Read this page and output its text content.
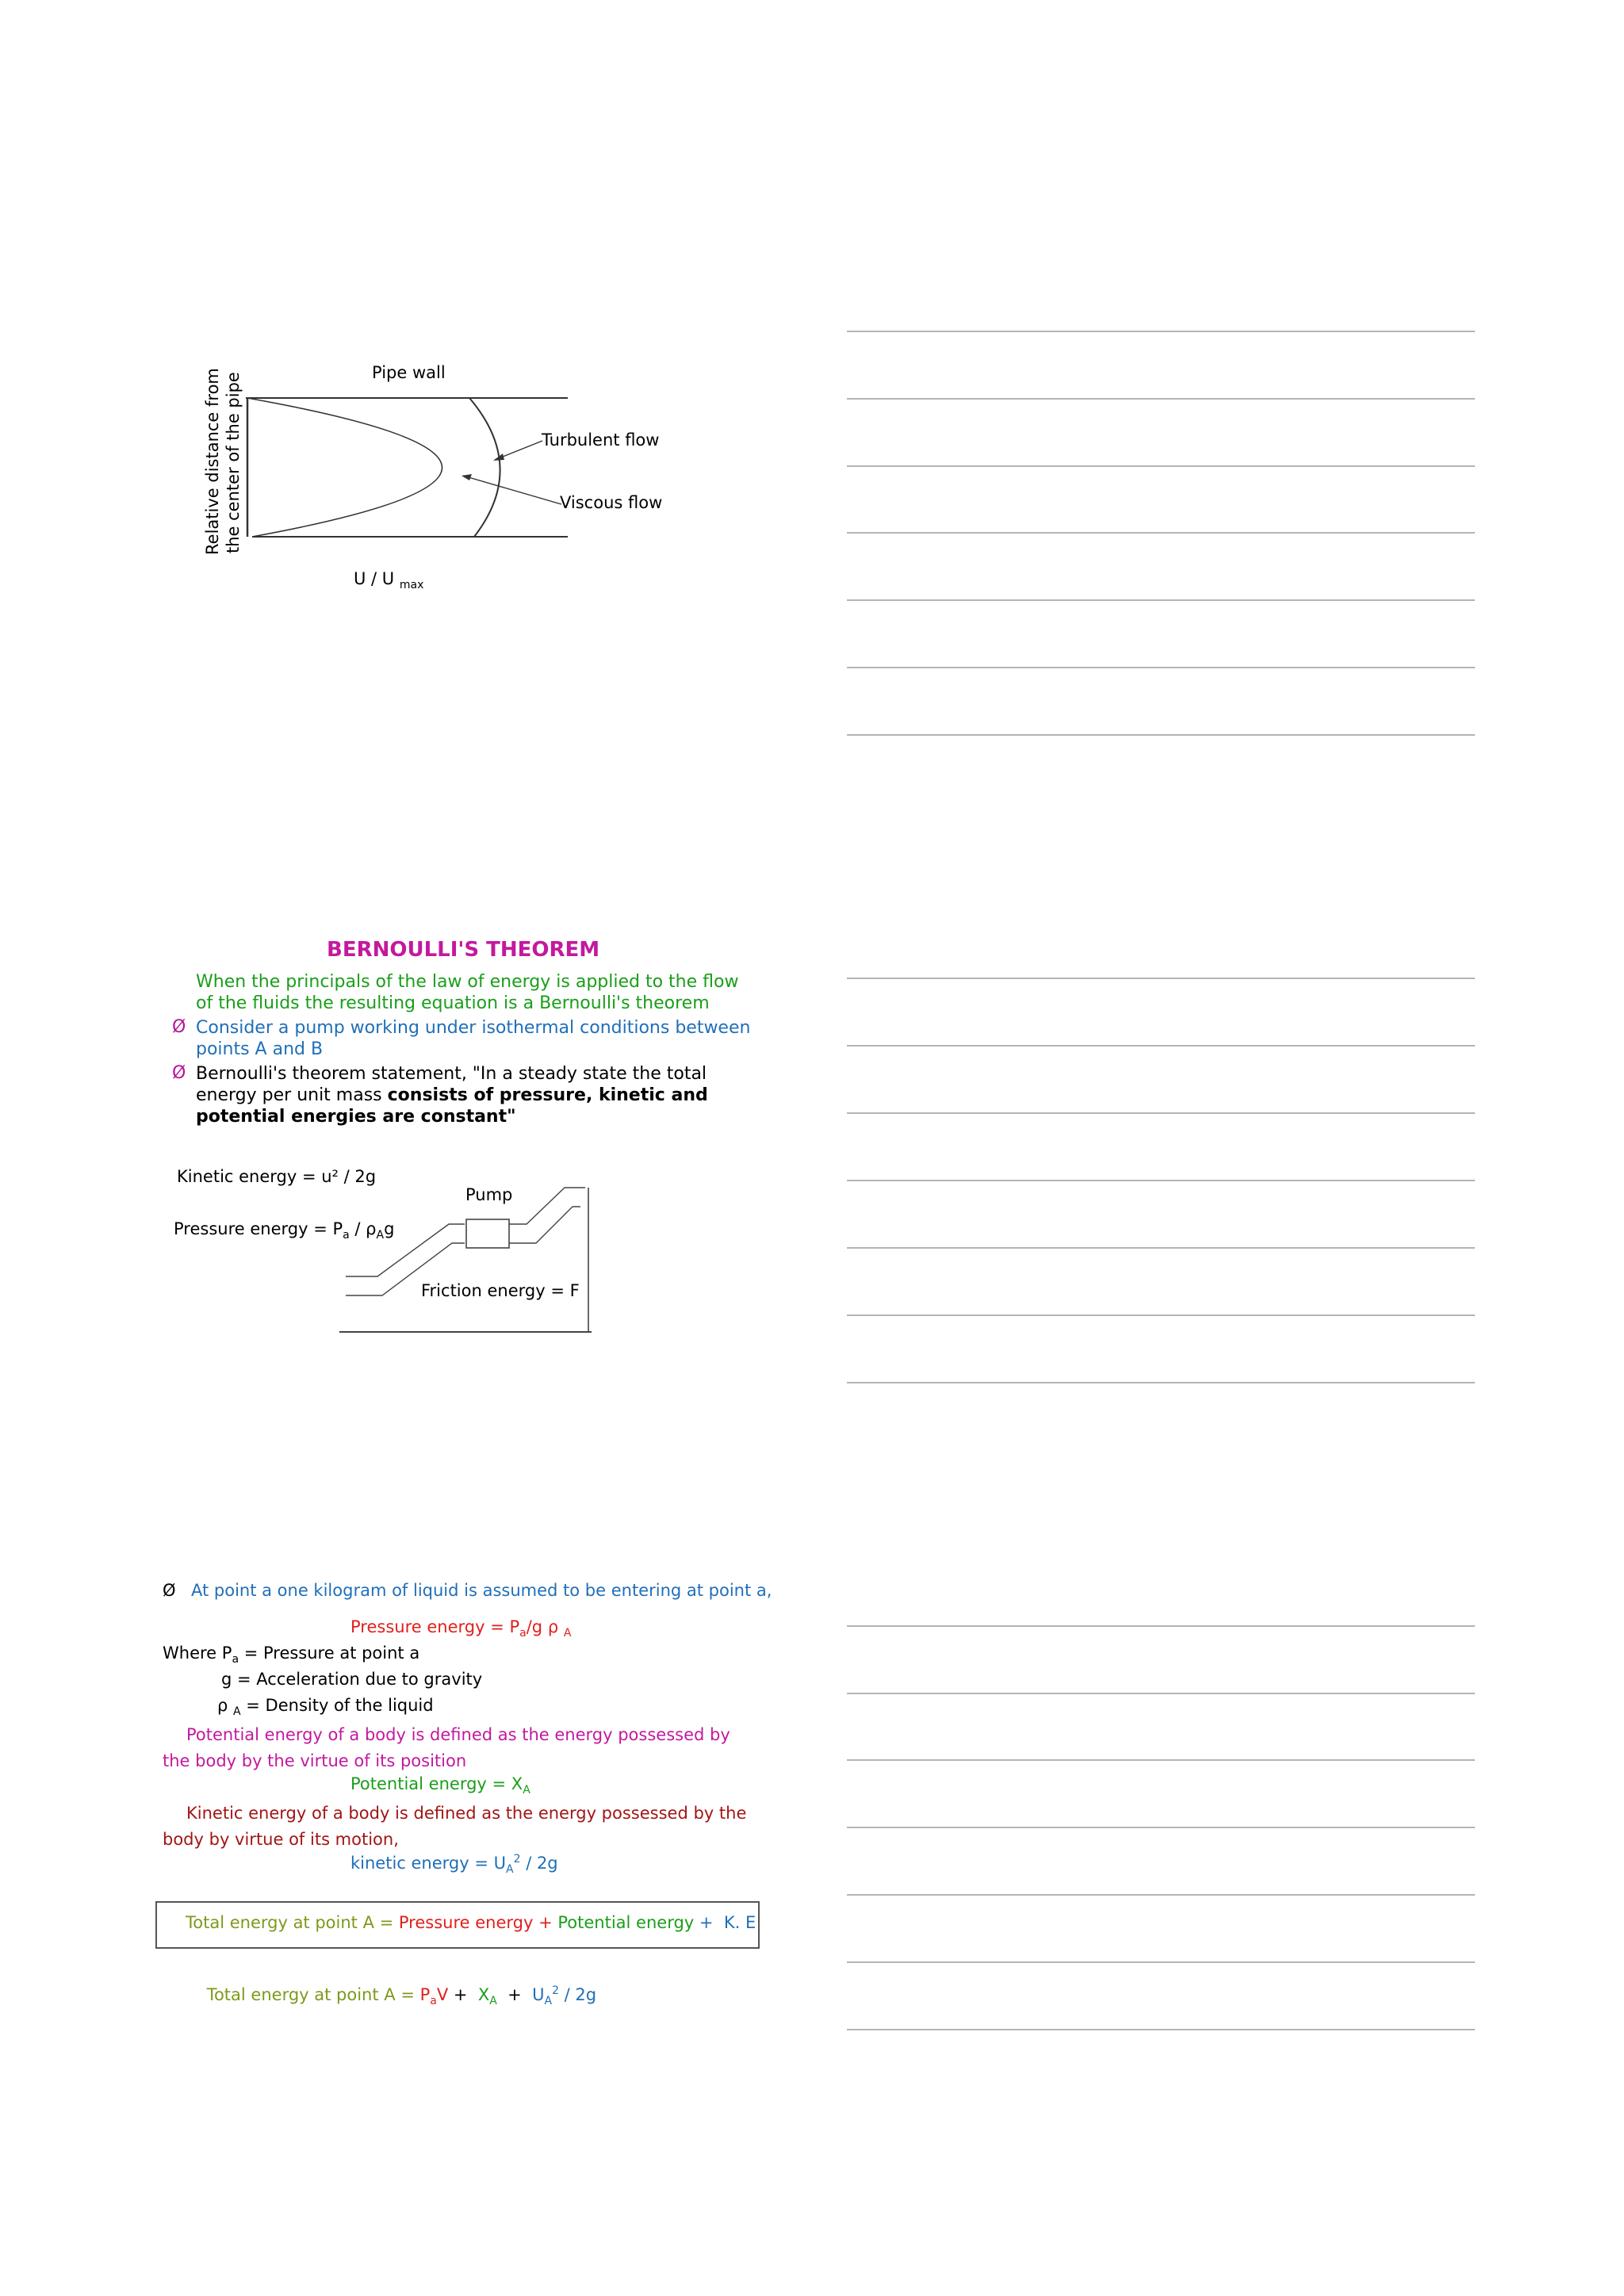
Pipe wall
Turbulent flow
Viscous flow
Relative distance from the center of the pipe
U / U $_{max}$
BERNOULLI'S THEOREM
When the principals of the law of energy is applied to the flow
of the fluids the resulting equation is a Bernoulli's theorem
Ø Consider a pump working under isothermal conditions between
points A and B
Ø Bernoulli's theorem statement, "In a steady state the total
energy per unit mass consists of pressure, kinetic and
potential energies are constant"
Kinetic energy = u² / 2g
Pump
Pressure energy = $P_a / \rho_Ag$
Friction energy = F
Ø At point a one kilogram of liquid is assumed to be entering at point a,
Pressure energy = $P_a/g$ ρ $_A$
Where $P_a$ = Pressure at point a
g = Acceleration due to gravity
ρ $_A$ = Density of the liquid
Potential energy of a body is defined as the energy possessed by
the body by the virtue of its position
Potential energy = $X_A$
Kinetic energy of a body is defined as the energy possessed by the
body by virtue of its motion,
kinetic energy = $U_A^2 / 2g$
Total energy at point A = Pressure energy + Potential energy +  K. E

Total energy at point $A = P_aV + X_A + U_A^2 / 2g$
